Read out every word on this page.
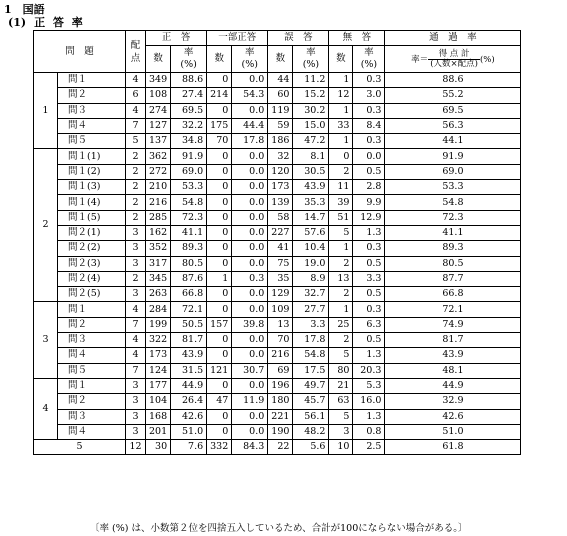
1　国語
(1) 正 答 率
問　題		配 点	正　答		一部正答		誤　答		無　答		通　過　率
			数	率 (%)	数	率 (%)	数	率 (%)	数	率 (%)	率＝ $\frac{\text{得 点 計}}{\text{(人数×配点)}}$ (%)
1	問１	4	349	88.6	0	0.0	44	11.2	1	0.3	88.6
	問２	6	108	27.4	214	54.3	60	15.2	12	3.0	55.2
	問３	4	274	69.5	0	0.0	119	30.2	1	0.3	69.5
	問４	7	127	32.2	175	44.4	59	15.0	33	8.4	56.3
	問５	5	137	34.8	70	17.8	186	47.2	1	0.3	44.1
2	問１(1)	2	362	91.9	0	0.0	32	8.1	0	0.0	91.9
	問１(2)	2	272	69.0	0	0.0	120	30.5	2	0.5	69.0
	問１(3)	2	210	53.3	0	0.0	173	43.9	11	2.8	53.3
	問１(4)	2	216	54.8	0	0.0	139	35.3	39	9.9	54.8
	問１(5)	2	285	72.3	0	0.0	58	14.7	51	12.9	72.3
	問２(1)	3	162	41.1	0	0.0	227	57.6	5	1.3	41.1
	問２(2)	3	352	89.3	0	0.0	41	10.4	1	0.3	89.3
	問２(3)	3	317	80.5	0	0.0	75	19.0	2	0.5	80.5
	問２(4)	2	345	87.6	1	0.3	35	8.9	13	3.3	87.7
	問２(5)	3	263	66.8	0	0.0	129	32.7	2	0.5	66.8
3	問１	4	284	72.1	0	0.0	109	27.7	1	0.3	72.1
	問２	7	199	50.5	157	39.8	13	3.3	25	6.3	74.9
	問３	4	322	81.7	0	0.0	70	17.8	2	0.5	81.7
	問４	4	173	43.9	0	0.0	216	54.8	5	1.3	43.9
	問５	7	124	31.5	121	30.7	69	17.5	80	20.3	48.1
4	問１	3	177	44.9	0	0.0	196	49.7	21	5.3	44.9
	問２	3	104	26.4	47	11.9	180	45.7	63	16.0	32.9
	問３	3	168	42.6	0	0.0	221	56.1	5	1.3	42.6
	問４	3	201	51.0	0	0.0	190	48.2	3	0.8	51.0
5		12	30	7.6	332	84.3	22	5.6	10	2.5	61.8
〔率 (%) は、小数第２位を四捨五入しているため、合計が100にならない場合がある。〕
